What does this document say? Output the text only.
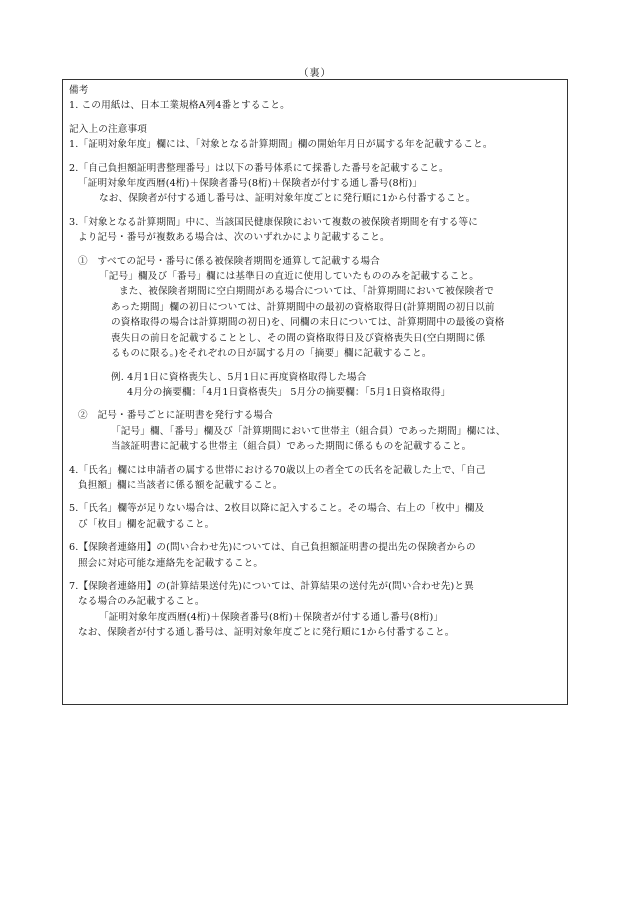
（裏）
備考
1. この用紙は、日本工業規格A列4番とすること。
記入上の注意事項
1.「証明対象年度」欄には、「対象となる計算期間」欄の開始年月日が属する年を記載すること。
2.「自己負担額証明書整理番号」は以下の番号体系にて採番した番号を記載すること。
「証明対象年度西暦(4桁)＋保険者番号(8桁)＋保険者が付する通し番号(8桁)」
なお、保険者が付する通し番号は、証明対象年度ごとに発行順に1から付番すること。
3.「対象となる計算期間」中に、当該国民健康保険において複数の被保険者期間を有する等に
より記号・番号が複数ある場合は、次のいずれかにより記載すること。
①　すべての記号・番号に係る被保険者期間を通算して記載する場合
「記号」欄及び「番号」欄には基準日の直近に使用していたもののみを記載すること。
また、被保険者期間に空白期間がある場合については、「計算期間において被保険者で
あった期間」欄の初日については、計算期間中の最初の資格取得日(計算期間の初日以前
の資格取得の場合は計算期間の初日)を、同欄の末日については、計算期間中の最後の資格
喪失日の前日を記載することとし、その間の資格取得日及び資格喪失日(空白期間に係
るものに限る。)をそれぞれの日が属する月の「摘要」欄に記載すること。
例. 4月1日に資格喪失し、5月1日に再度資格取得した場合
4月分の摘要欄：「4月1日資格喪失」 5月分の摘要欄：「5月1日資格取得」
②　記号・番号ごとに証明書を発行する場合
「記号」欄、「番号」欄及び「計算期間において世帯主（組合員）であった期間」欄には、
当該証明書に記載する世帯主（組合員）であった期間に係るものを記載すること。
4.「氏名」欄には申請者の属する世帯における70歳以上の者全ての氏名を記載した上で、「自己
負担額」欄に当該者に係る額を記載すること。
5.「氏名」欄等が足りない場合は、2枚目以降に記入すること。その場合、右上の「枚中」欄及
び「枚目」欄を記載すること。
6.【保険者連絡用】の(問い合わせ先)については、自己負担額証明書の提出先の保険者からの
照会に対応可能な連絡先を記載すること。
7.【保険者連絡用】の(計算結果送付先)については、計算結果の送付先が(問い合わせ先)と異
なる場合のみ記載すること。
「証明対象年度西暦(4桁)＋保険者番号(8桁)＋保険者が付する通し番号(8桁)」
なお、保険者が付する通し番号は、証明対象年度ごとに発行順に1から付番すること。
